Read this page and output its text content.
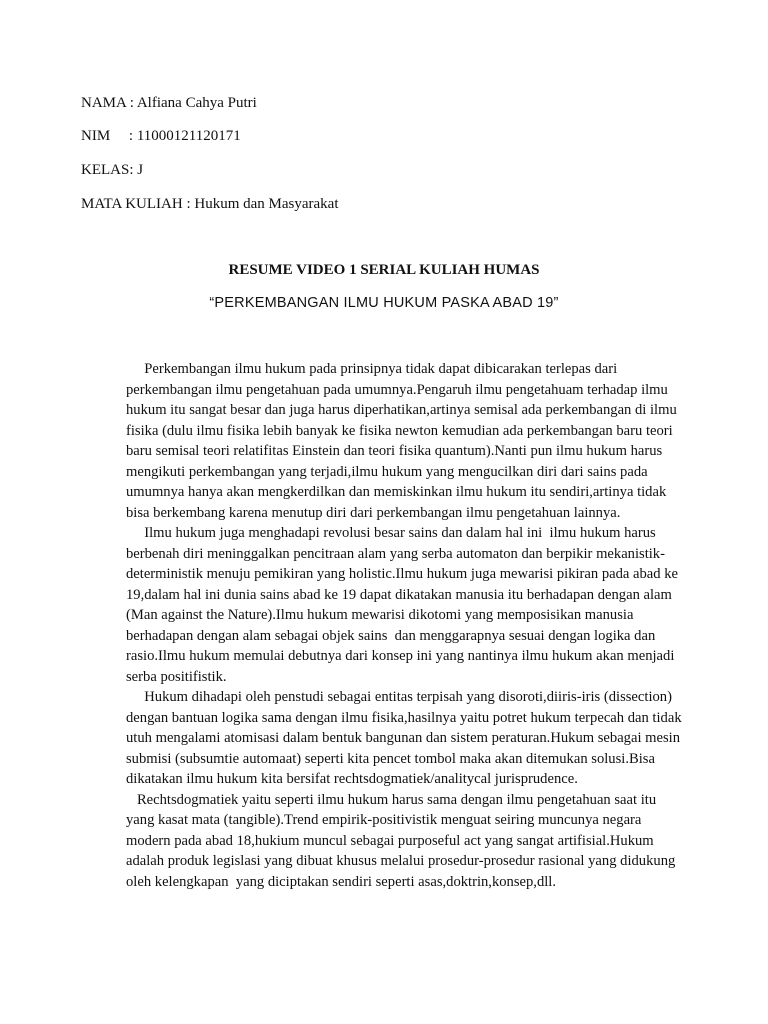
NAMA : Alfiana Cahya Putri
NIM     : 11000121120171
KELAS: J
MATA KULIAH : Hukum dan Masyarakat
RESUME VIDEO 1 SERIAL KULIAH HUMAS
“PERKEMBANGAN ILMU HUKUM PASKA ABAD 19”
Perkembangan ilmu hukum pada prinsipnya tidak dapat dibicarakan terlepas dari
perkembangan ilmu pengetahuan pada umumnya.Pengaruh ilmu pengetahuam terhadap ilmu
hukum itu sangat besar dan juga harus diperhatikan,artinya semisal ada perkembangan di ilmu
fisika (dulu ilmu fisika lebih banyak ke fisika newton kemudian ada perkembangan baru teori
baru semisal teori relatifitas Einstein dan teori fisika quantum).Nanti pun ilmu hukum harus
mengikuti perkembangan yang terjadi,ilmu hukum yang mengucilkan diri dari sains pada
umumnya hanya akan mengkerdilkan dan memiskinkan ilmu hukum itu sendiri,artinya tidak
bisa berkembang karena menutup diri dari perkembangan ilmu pengetahuan lainnya.
Ilmu hukum juga menghadapi revolusi besar sains dan dalam hal ini  ilmu hukum harus
berbenah diri meninggalkan pencitraan alam yang serba automaton dan berpikir mekanistik-
deterministik menuju pemikiran yang holistic.Ilmu hukum juga mewarisi pikiran pada abad ke
19,dalam hal ini dunia sains abad ke 19 dapat dikatakan manusia itu berhadapan dengan alam
(Man against the Nature).Ilmu hukum mewarisi dikotomi yang memposisikan manusia
berhadapan dengan alam sebagai objek sains  dan menggarapnya sesuai dengan logika dan
rasio.Ilmu hukum memulai debutnya dari konsep ini yang nantinya ilmu hukum akan menjadi
serba positifistik.
Hukum dihadapi oleh penstudi sebagai entitas terpisah yang disoroti,diiris-iris (dissection)
dengan bantuan logika sama dengan ilmu fisika,hasilnya yaitu potret hukum terpecah dan tidak
utuh mengalami atomisasi dalam bentuk bangunan dan sistem peraturan.Hukum sebagai mesin
submisi (subsumtie automaat) seperti kita pencet tombol maka akan ditemukan solusi.Bisa
dikatakan ilmu hukum kita bersifat rechtsdogmatiek/analitycal jurisprudence.
Rechtsdogmatiek yaitu seperti ilmu hukum harus sama dengan ilmu pengetahuan saat itu
yang kasat mata (tangible).Trend empirik-positivistik menguat seiring muncunya negara
modern pada abad 18,hukium muncul sebagai purposeful act yang sangat artifisial.Hukum
adalah produk legislasi yang dibuat khusus melalui prosedur-prosedur rasional yang didukung
oleh kelengkapan  yang diciptakan sendiri seperti asas,doktrin,konsep,dll.
